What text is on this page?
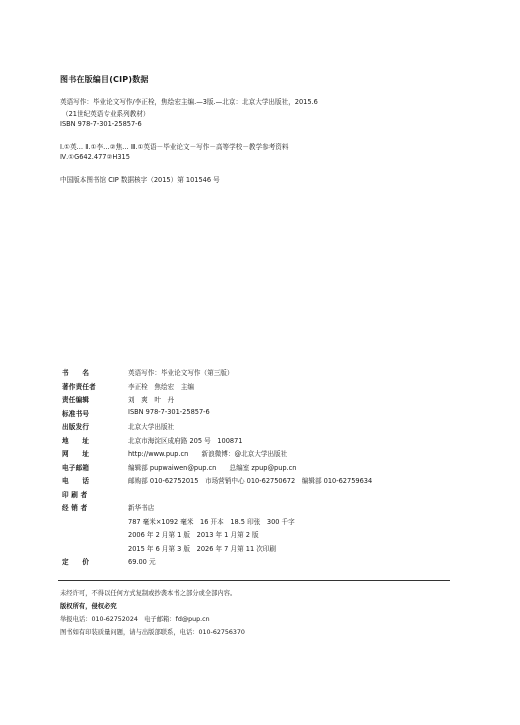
图书在版编目(CIP)数据
英语写作：毕业论文写作/李正栓，焦绘宏主编.—3版.—北京：北京大学出版社，2015.6
（21世纪英语专业系列教材）
ISBN 978-7-301-25857-6
Ⅰ.①英… Ⅱ.①李…②焦… Ⅲ.①英语－毕业论文－写作－高等学校－教学参考资料
Ⅳ.①G642.477②H315
中国版本图书馆 CIP 数据核字（2015）第 101546 号
书　　名	英语写作：毕业论文写作（第三版）
著作责任者	李正栓　焦绘宏　主编
责任编辑	刘　爽　叶　丹
标准书号	ISBN 978-7-301-25857-6
出版发行	北京大学出版社
地　　址	北京市海淀区成府路 205 号　100871
网　　址	http://www.pup.cn　　新浪微博：@北京大学出版社
电子邮箱	编辑部 pupwaiwen@pup.cn　　总编室 zpup@pup.cn
电　　话	邮购部 010-62752015　市场营销中心 010-62750672　编辑部 010-62759634
印 刷 者
经 销 者	新华书店
787 毫米×1092 毫米　16 开本　18.5 印张　300 千字
2006 年 2 月第 1 版　2013 年 1 月第 2 版
2015 年 6 月第 3 版　2026 年 7 月第 11 次印刷
定　　价	69.00 元
未经许可，不得以任何方式复制或抄袭本书之部分或全部内容。
版权所有，侵权必究
举报电话：010-62752024　电子邮箱：fd@pup.cn
图书如有印装质量问题，请与出版部联系，电话：010-62756370
